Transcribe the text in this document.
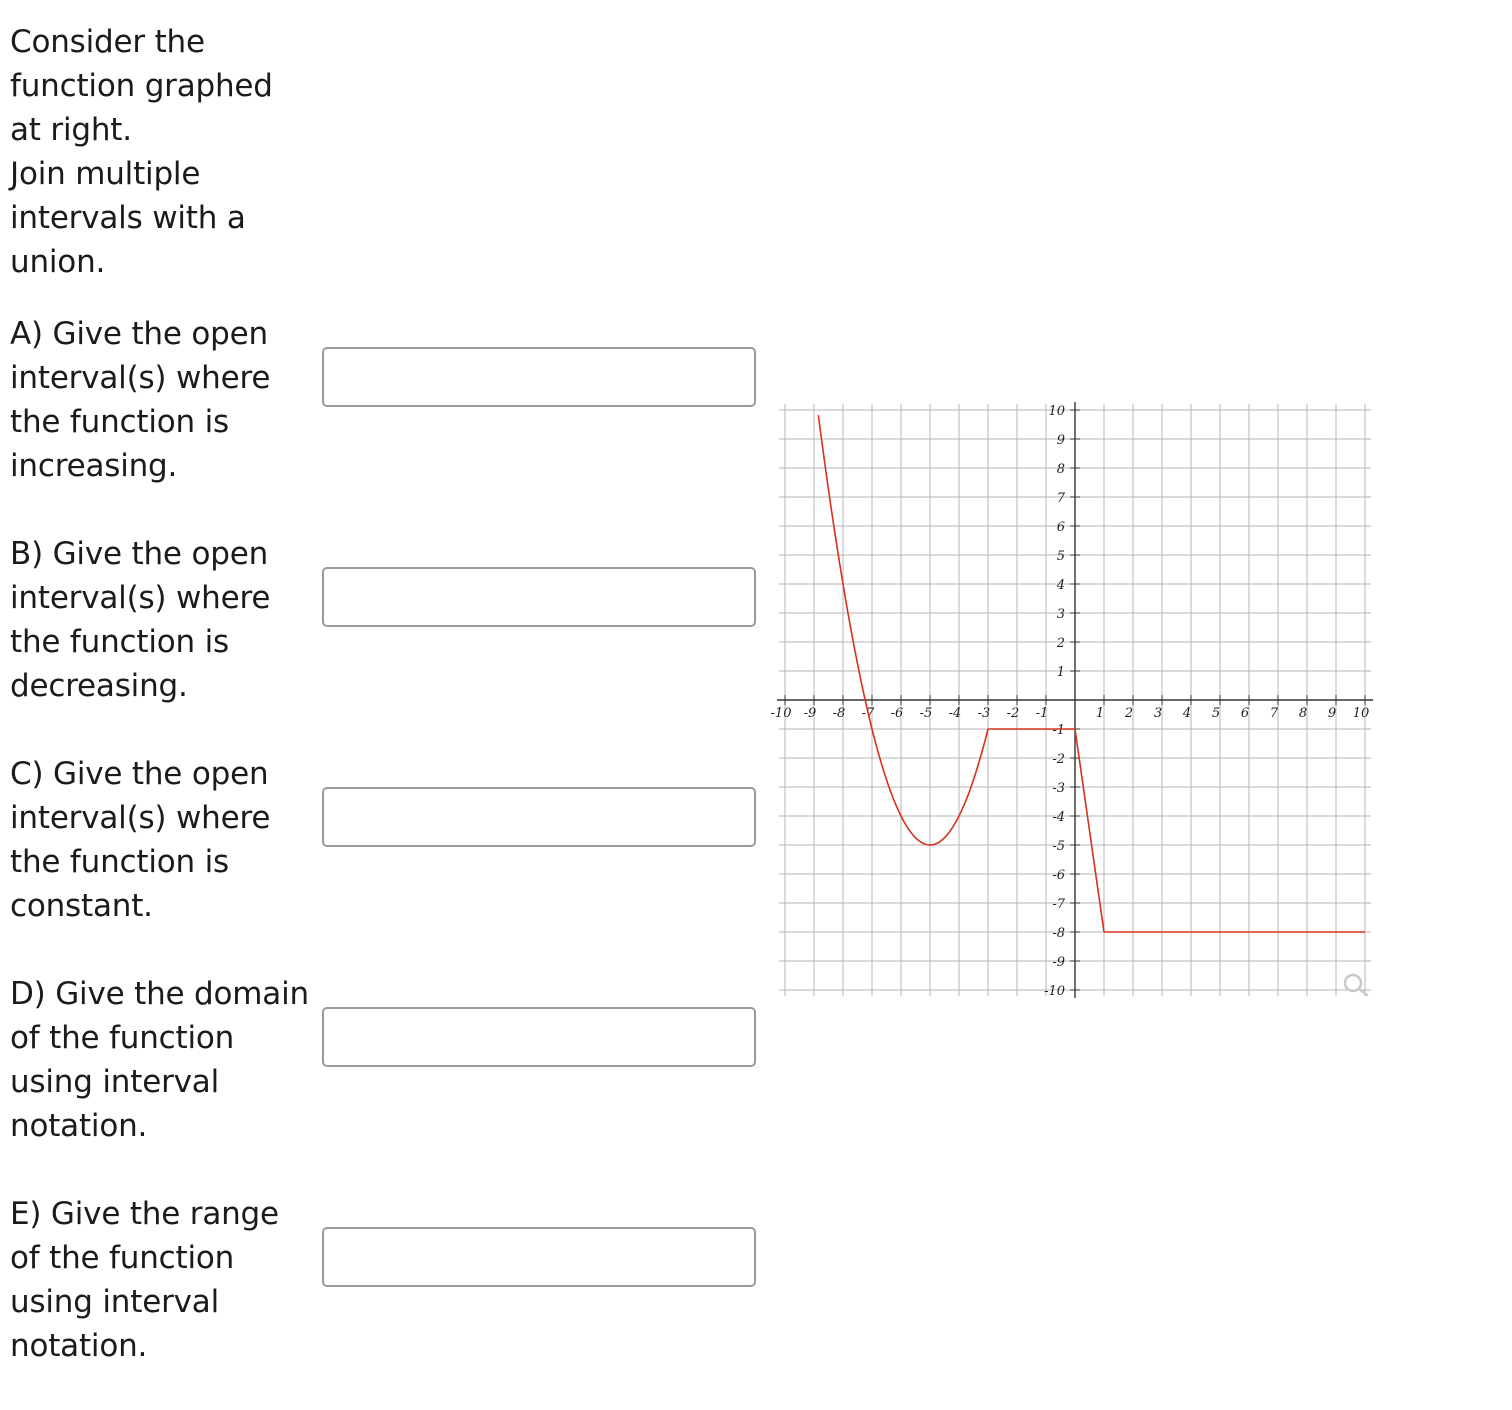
Consider the function graphed at right.

Join multiple intervals with a union.

A) Give the open interval(s) where the function is increasing.
B) Give the open interval(s) where the function is decreasing.
C) Give the open interval(s) where the function is constant.
D) Give the domain of the function using interval notation.
E) Give the range of the function using interval notation.
-10 -9 -8 -7 -6 -5 -4 -3 -2 -1	1 2 3 4 5 6 7 8 9 10
10
9
8
7
6
5
4
3
2
1
-1
-2
-3
-4
-5
-6
-7
-8
-9
-10
